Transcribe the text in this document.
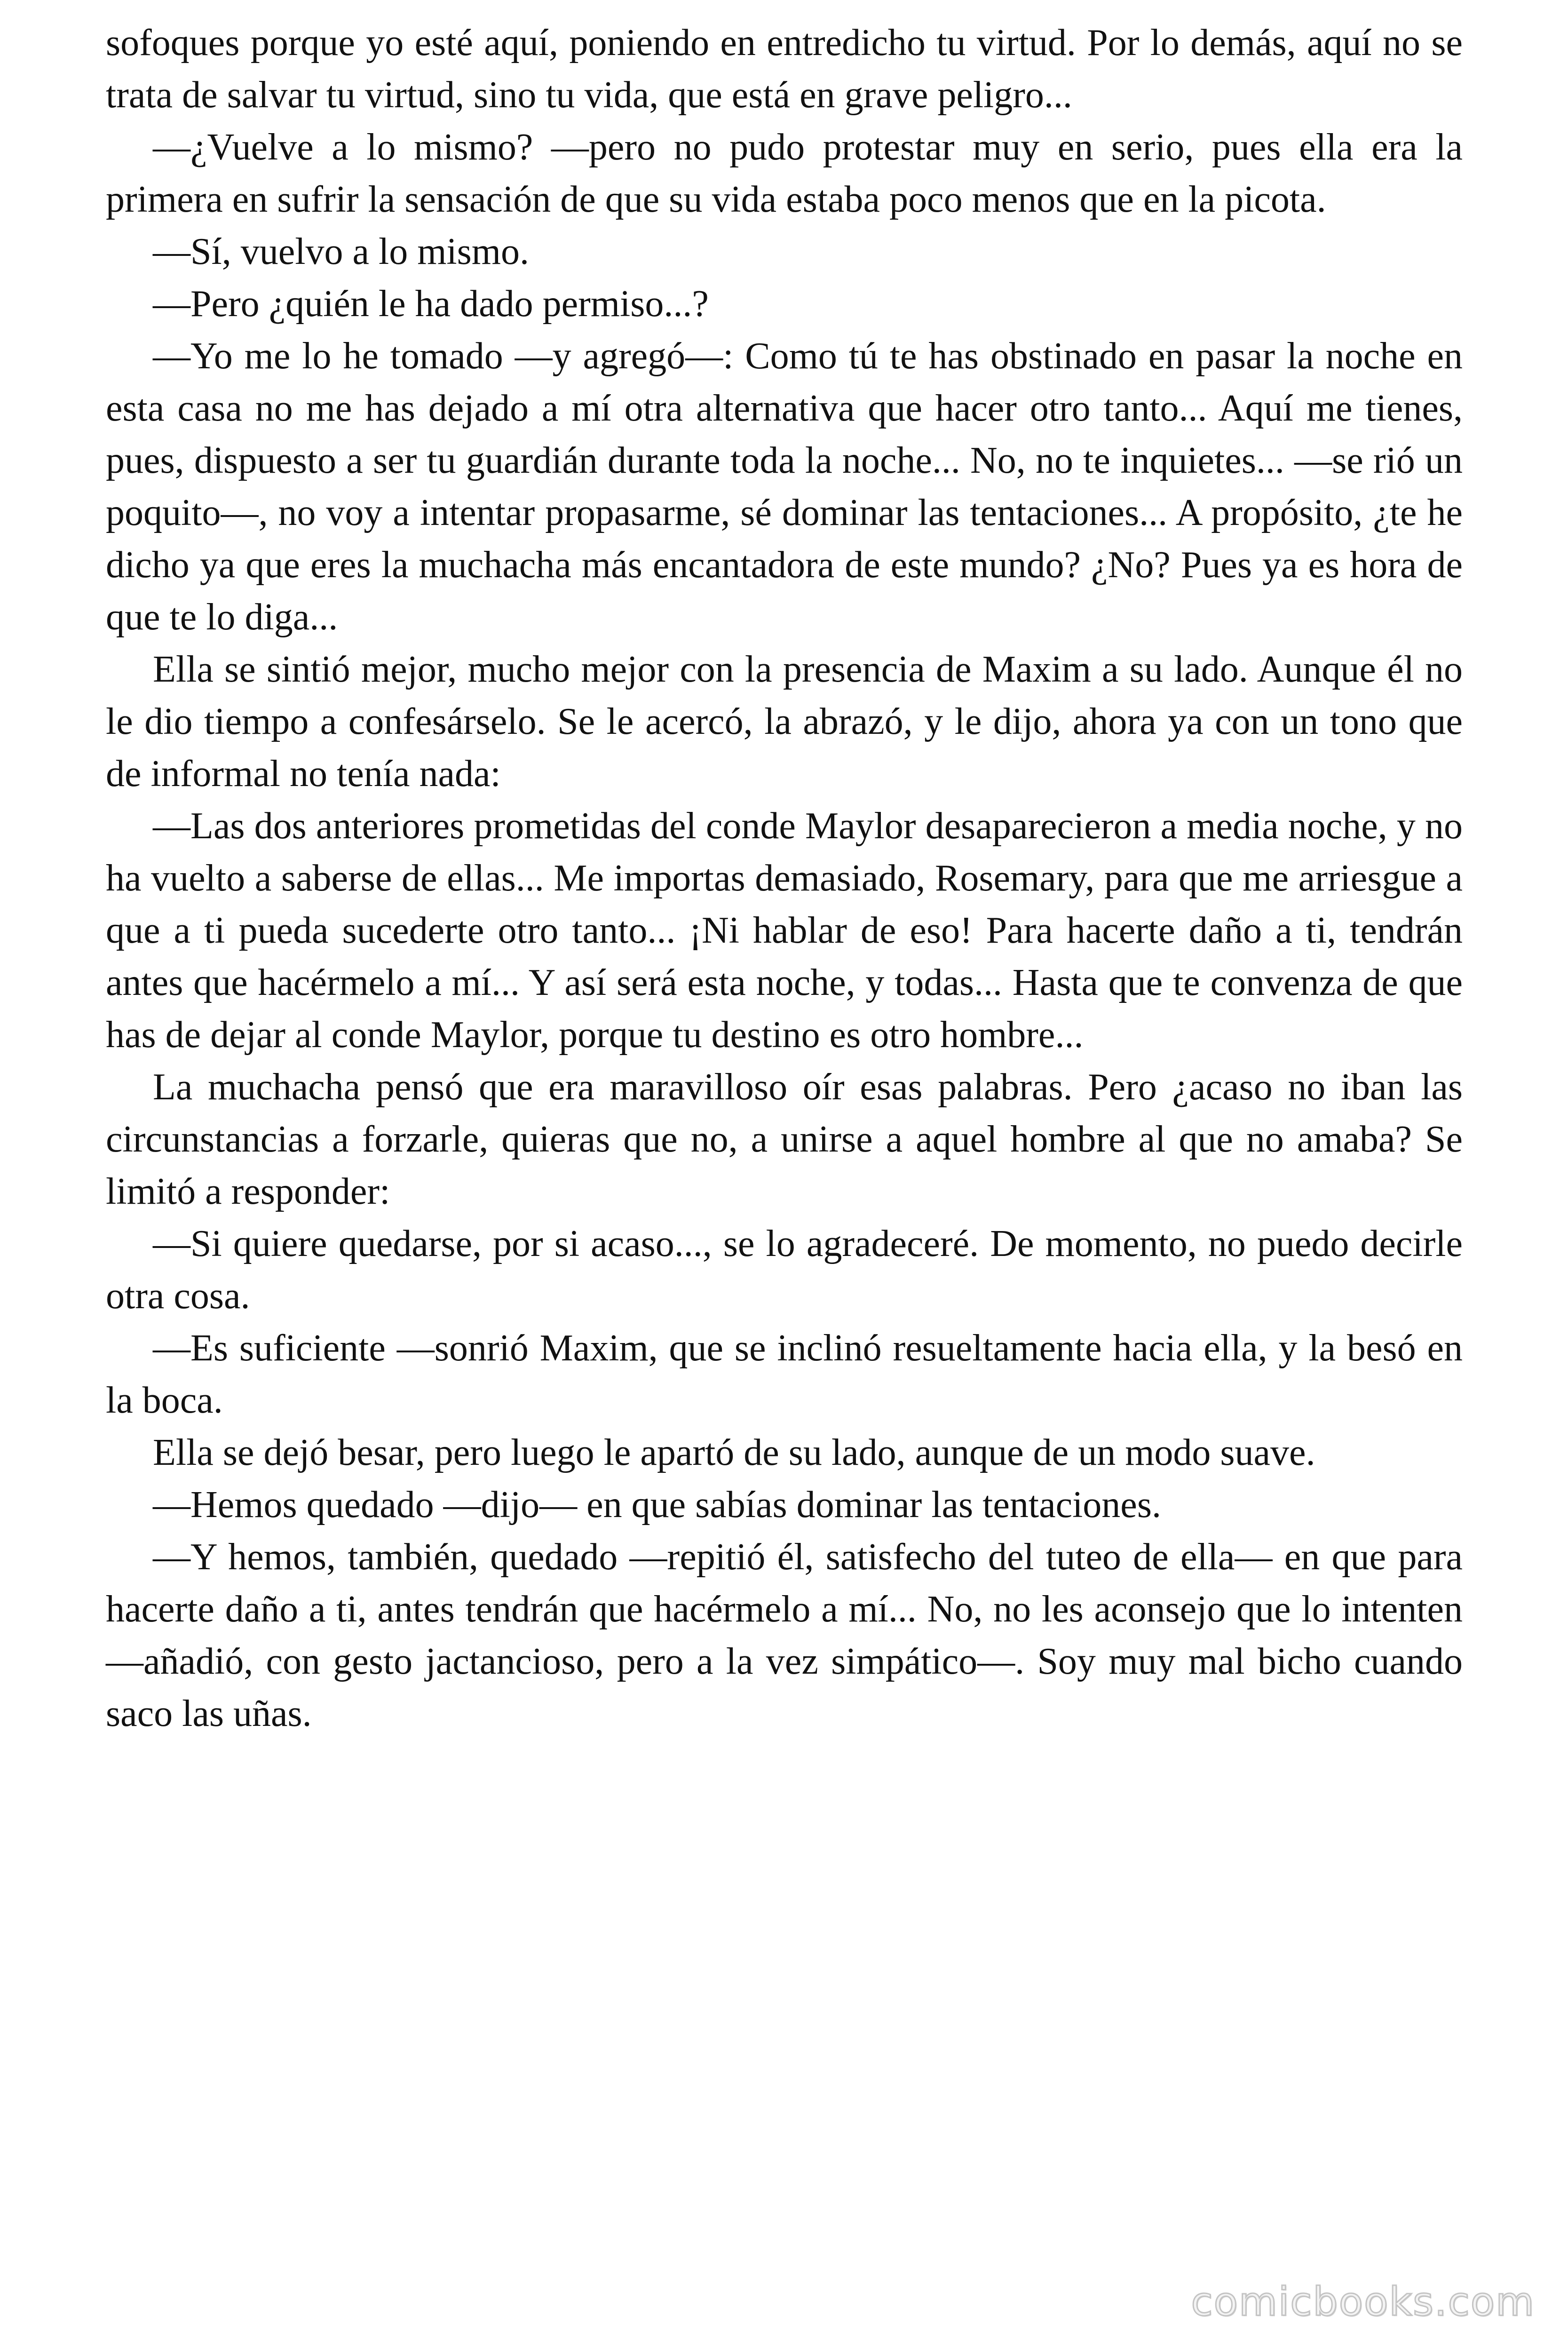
sofoques porque yo esté aquí, poniendo en entredicho tu virtud. Por lo demás, aquí no se trata de salvar tu virtud, sino tu vida, que está en grave peligro...

—¿Vuelve a lo mismo? —pero no pudo protestar muy en serio, pues ella era la primera en sufrir la sensación de que su vida estaba poco menos que en la picota.

—Sí, vuelvo a lo mismo.

—Pero ¿quién le ha dado permiso...?

—Yo me lo he tomado —y agregó—: Como tú te has obstinado en pasar la noche en esta casa no me has dejado a mí otra alternativa que hacer otro tanto... Aquí me tienes, pues, dispuesto a ser tu guardián durante toda la noche... No, no te inquietes... —se rió un poquito—, no voy a intentar propasarme, sé dominar las tentaciones... A propósito, ¿te he dicho ya que eres la muchacha más encantadora de este mundo? ¿No? Pues ya es hora de que te lo diga...

Ella se sintió mejor, mucho mejor con la presencia de Maxim a su lado. Aunque él no le dio tiempo a confesárselo. Se le acercó, la abrazó, y le dijo, ahora ya con un tono que de informal no tenía nada:

—Las dos anteriores prometidas del conde Maylor desaparecieron a media noche, y no ha vuelto a saberse de ellas... Me importas demasiado, Rosemary, para que me arriesgue a que a ti pueda sucederte otro tanto... ¡Ni hablar de eso! Para hacerte daño a ti, tendrán antes que hacérmelo a mí... Y así será esta noche, y todas... Hasta que te convenza de que has de dejar al conde Maylor, porque tu destino es otro hombre...

La muchacha pensó que era maravilloso oír esas palabras. Pero ¿acaso no iban las circunstancias a forzarle, quieras que no, a unirse a aquel hombre al que no amaba? Se limitó a responder:

—Si quiere quedarse, por si acaso..., se lo agradeceré. De momento, no puedo decirle otra cosa.

—Es suficiente —sonrió Maxim, que se inclinó resueltamente hacia ella, y la besó en la boca.

Ella se dejó besar, pero luego le apartó de su lado, aunque de un modo suave.

—Hemos quedado —dijo— en que sabías dominar las tentaciones.

—Y hemos, también, quedado —repitió él, satisfecho del tuteo de ella— en que para hacerte daño a ti, antes tendrán que hacérmelo a mí... No, no les aconsejo que lo intenten —añadió, con gesto jactancioso, pero a la vez simpático—. Soy muy mal bicho cuando saco las uñas.

comicbooks.com
